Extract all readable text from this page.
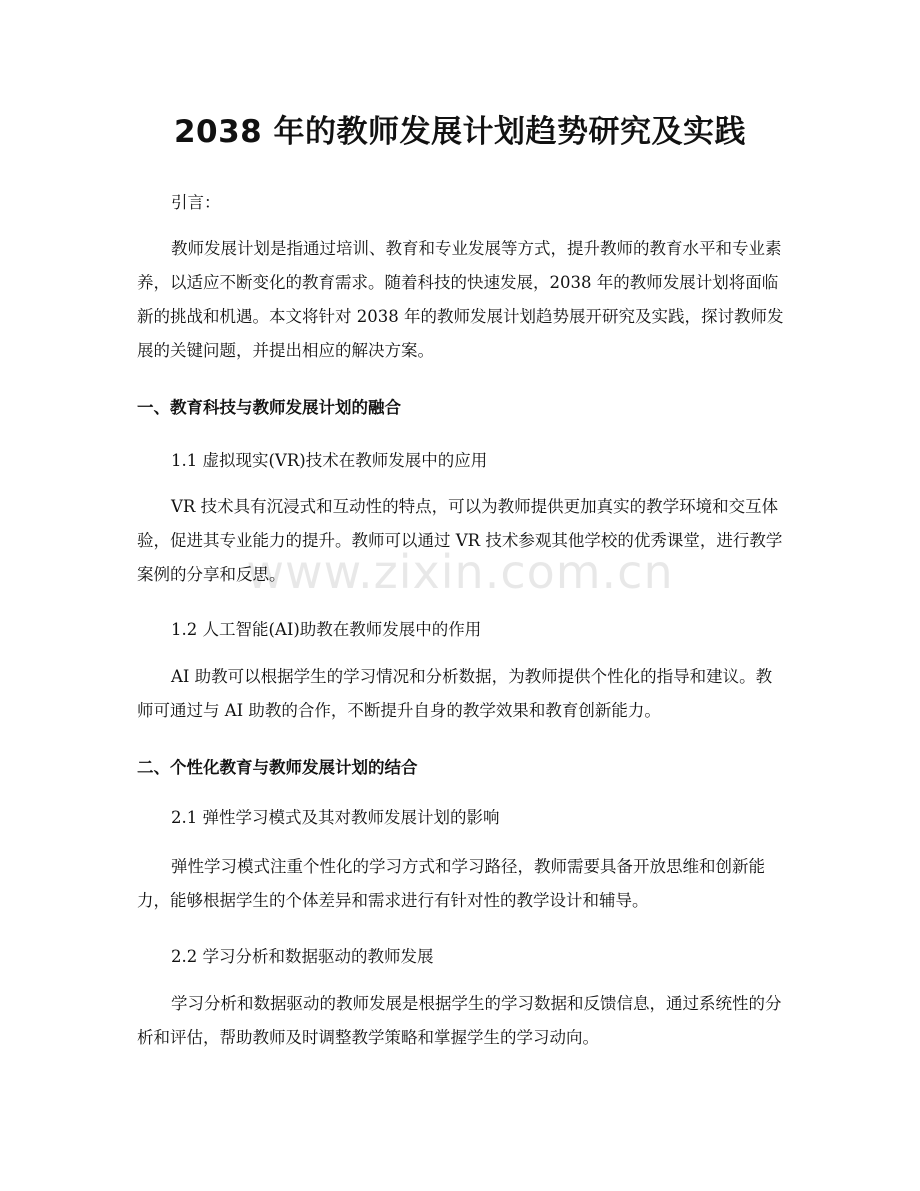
2038 年的教师发展计划趋势研究及实践
引言：
教师发展计划是指通过培训、教育和专业发展等方式，提升教师的教育水平和专业素养，以适应不断变化的教育需求。随着科技的快速发展，2038 年的教师发展计划将面临新的挑战和机遇。本文将针对 2038 年的教师发展计划趋势展开研究及实践，探讨教师发展的关键问题，并提出相应的解决方案。
一、教育科技与教师发展计划的融合
1.1 虚拟现实(VR)技术在教师发展中的应用
VR 技术具有沉浸式和互动性的特点，可以为教师提供更加真实的教学环境和交互体验，促进其专业能力的提升。教师可以通过 VR 技术参观其他学校的优秀课堂，进行教学案例的分享和反思。
1.2 人工智能(AI)助教在教师发展中的作用
AI 助教可以根据学生的学习情况和分析数据，为教师提供个性化的指导和建议。教师可通过与 AI 助教的合作，不断提升自身的教学效果和教育创新能力。
二、个性化教育与教师发展计划的结合
2.1 弹性学习模式及其对教师发展计划的影响
弹性学习模式注重个性化的学习方式和学习路径，教师需要具备开放思维和创新能力，能够根据学生的个体差异和需求进行有针对性的教学设计和辅导。
2.2 学习分析和数据驱动的教师发展
学习分析和数据驱动的教师发展是根据学生的学习数据和反馈信息，通过系统性的分析和评估，帮助教师及时调整教学策略和掌握学生的学习动向。
www.zixin.com.cn
